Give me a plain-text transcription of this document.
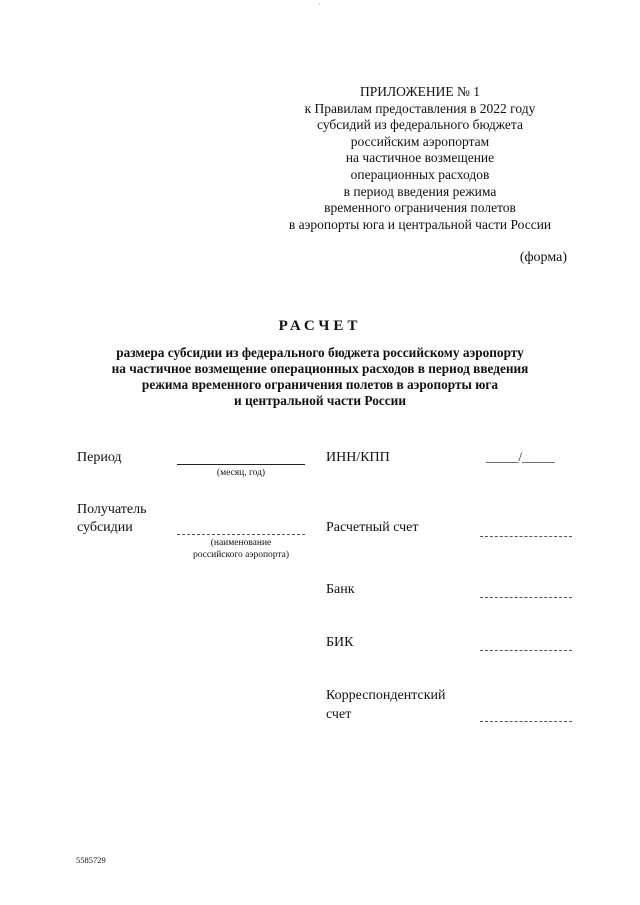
·
ПРИЛОЖЕНИЕ № 1
к Правилам предоставления в 2022 году
субсидий из федерального бюджета
российским аэропортам
на частичное возмещение
операционных расходов
в период введения режима
временного ограничения полетов
в аэропорты юга и центральной части России
(форма)
РАСЧЕТ
размера субсидии из федерального бюджета российскому аэропорту
на частичное возмещение операционных расходов в период введения
режима временного ограничения полетов в аэропорты юга
и центральной части России
Период
(месяц, год)
ИНН/КПП	_____/_____
Получатель
субсидии
(наименование
российского аэропорта)
Расчетный счет
Банк
БИК
Корреспондентский
счет
5585729
